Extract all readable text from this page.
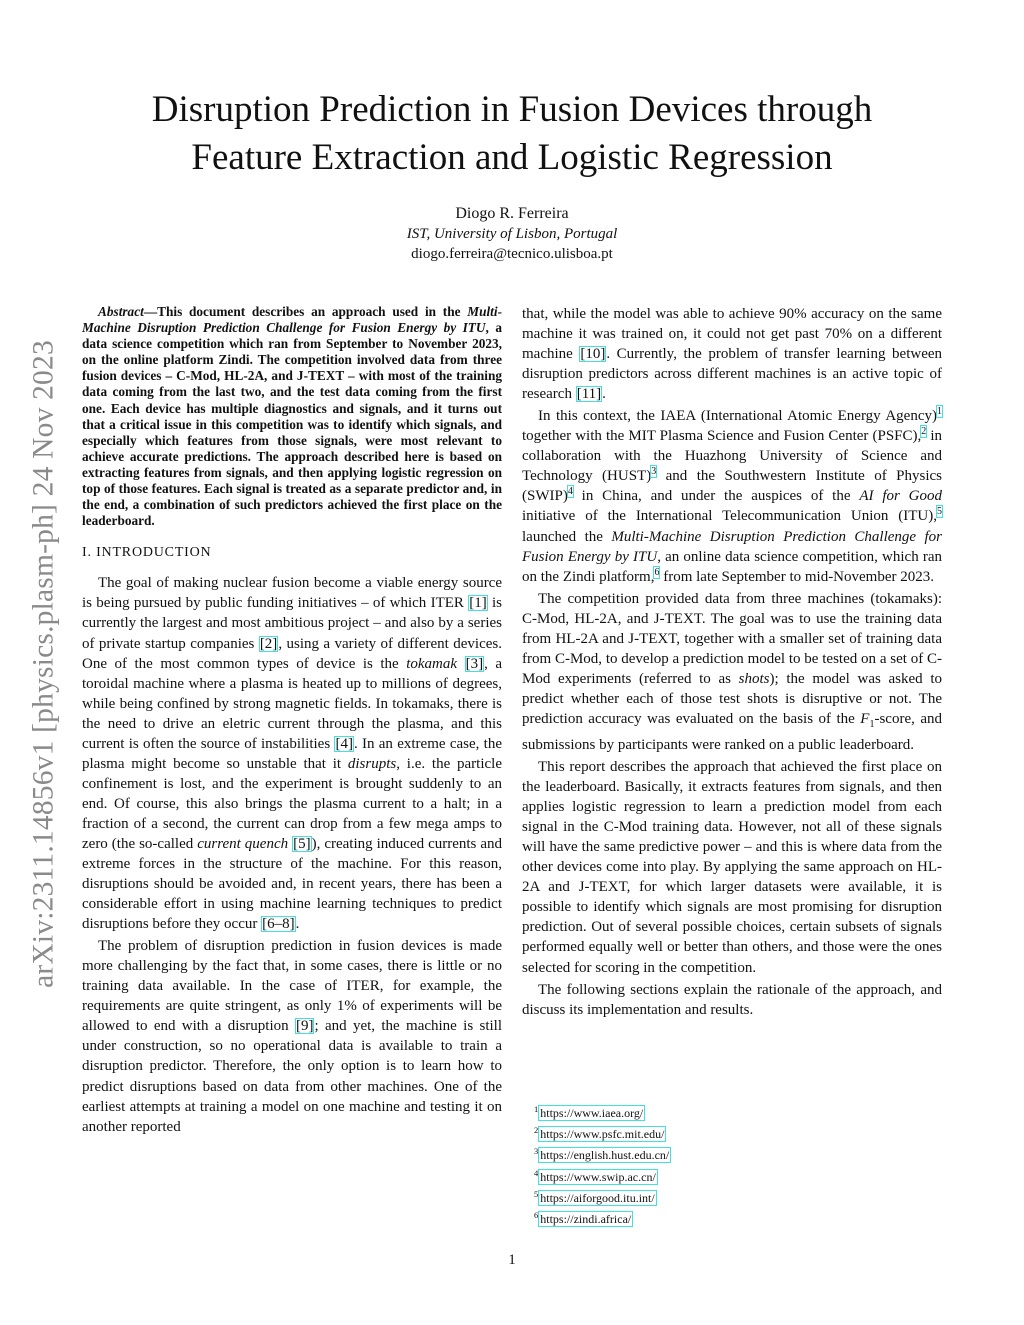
arXiv:2311.14856v1 [physics.plasm-ph] 24 Nov 2023
Disruption Prediction in Fusion Devices through
Feature Extraction and Logistic Regression
Diogo R. Ferreira
IST, University of Lisbon, Portugal
diogo.ferreira@tecnico.ulisboa.pt

Abstract—This document describes an approach used in the Multi-Machine Disruption Prediction Challenge for Fusion Energy by ITU, a data science competition which ran from September to November 2023, on the online platform Zindi. The competition involved data from three fusion devices – C-Mod, HL-2A, and J-TEXT – with most of the training data coming from the last two, and the test data coming from the first one. Each device has multiple diagnostics and signals, and it turns out that a critical issue in this competition was to identify which signals, and especially which features from those signals, were most relevant to achieve accurate predictions. The approach described here is based on extracting features from signals, and then applying logistic regression on top of those features. Each signal is treated as a separate predictor and, in the end, a combination of such predictors achieved the first place on the leaderboard.

I. INTRODUCTION

The goal of making nuclear fusion become a viable energy source is being pursued by public funding initiatives – of which ITER [1] is currently the largest and most ambitious project – and also by a series of private startup companies [2], using a variety of different devices. One of the most common types of device is the tokamak [3], a toroidal machine where a plasma is heated up to millions of degrees, while being confined by strong magnetic fields. In tokamaks, there is the need to drive an eletric current through the plasma, and this current is often the source of instabilities [4]. In an extreme case, the plasma might become so unstable that it disrupts, i.e. the particle confinement is lost, and the experiment is brought suddenly to an end. Of course, this also brings the plasma current to a halt; in a fraction of a second, the current can drop from a few mega amps to zero (the so-called current quench [5]), creating induced currents and extreme forces in the structure of the machine. For this reason, disruptions should be avoided and, in recent years, there has been a considerable effort in using machine learning techniques to predict disruptions before they occur [6–8].

The problem of disruption prediction in fusion devices is made more challenging by the fact that, in some cases, there is little or no training data available. In the case of ITER, for example, the requirements are quite stringent, as only 1% of experiments will be allowed to end with a disruption [9]; and yet, the machine is still under construction, so no operational data is available to train a disruption predictor. Therefore, the only option is to learn how to predict disruptions based on data from other machines. One of the earliest attempts at training a model on one machine and testing it on another reported

that, while the model was able to achieve 90% accuracy on the same machine it was trained on, it could not get past 70% on a different machine [10]. Currently, the problem of transfer learning between disruption predictors across different machines is an active topic of research [11].

In this context, the IAEA (International Atomic Energy Agency)$^1$ together with the MIT Plasma Science and Fusion Center (PSFC),$^2$ in collaboration with the Huazhong University of Science and Technology (HUST)$^3$ and the Southwestern Institute of Physics (SWIP)$^4$ in China, and under the auspices of the AI for Good initiative of the International Telecommunication Union (ITU),$^5$ launched the Multi-Machine Disruption Prediction Challenge for Fusion Energy by ITU, an online data science competition, which ran on the Zindi platform,$^6$ from late September to mid-November 2023.

The competition provided data from three machines (tokamaks): C-Mod, HL-2A, and J-TEXT. The goal was to use the training data from HL-2A and J-TEXT, together with a smaller set of training data from C-Mod, to develop a prediction model to be tested on a set of C-Mod experiments (referred to as shots); the model was asked to predict whether each of those test shots is disruptive or not. The prediction accuracy was evaluated on the basis of the $F_1$-score, and submissions by participants were ranked on a public leaderboard.

This report describes the approach that achieved the first place on the leaderboard. Basically, it extracts features from signals, and then applies logistic regression to learn a prediction model from each signal in the C-Mod training data. However, not all of these signals will have the same predictive power – and this is where data from the other devices come into play. By applying the same approach on HL-2A and J-TEXT, for which larger datasets were available, it is possible to identify which signals are most promising for disruption prediction. Out of several possible choices, certain subsets of signals performed equally well or better than others, and those were the ones selected for scoring in the competition.

The following sections explain the rationale of the approach, and discuss its implementation and results.

$^1$ https://www.iaea.org/
$^2$ https://www.psfc.mit.edu/
$^3$ https://english.hust.edu.cn/
$^4$ https://www.swip.ac.cn/
$^5$ https://aiforgood.itu.int/
$^6$ https://zindi.africa/
1
